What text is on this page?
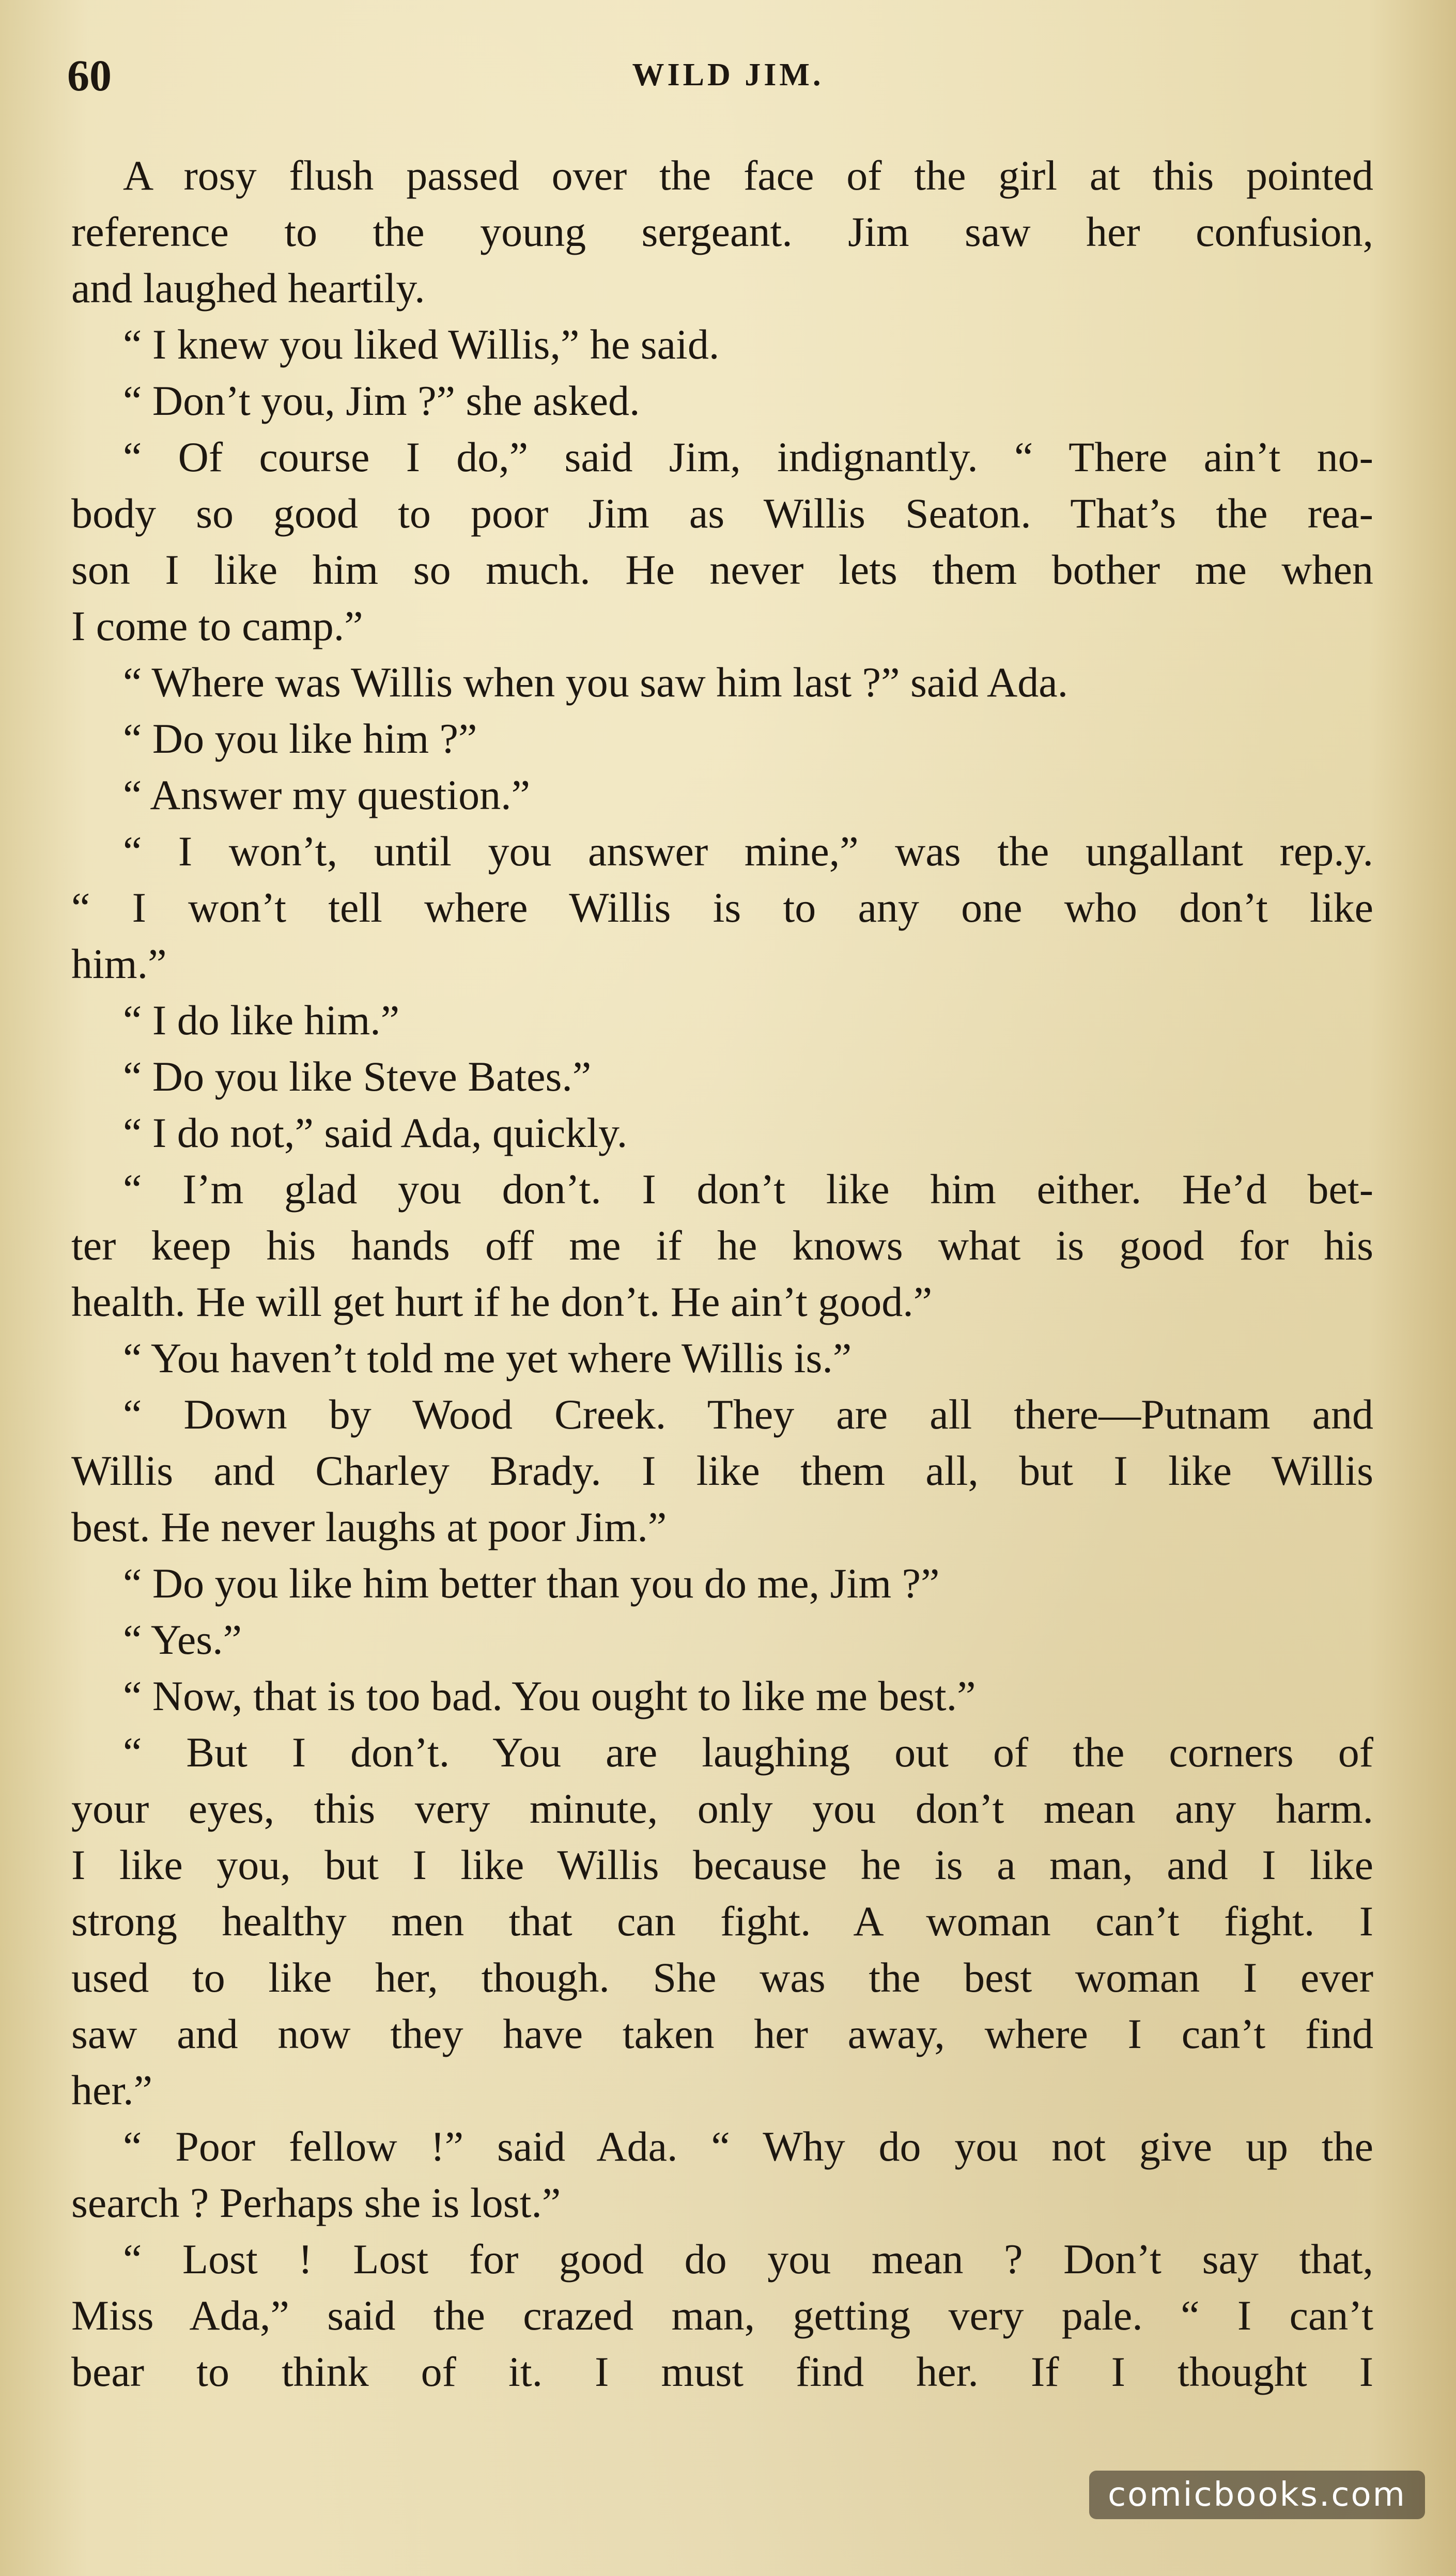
60	WILD JIM.
A rosy flush passed over the face of the girl at this pointed
reference to the young sergeant. Jim saw her confusion,
and laughed heartily.
“ I knew you liked Willis,” he said.
“ Don’t you, Jim ?” she asked.
“ Of course I do,” said Jim, indignantly. “ There ain’t no-
body so good to poor Jim as Willis Seaton. That’s the rea-
son I like him so much. He never lets them bother me when
I come to camp.”
“ Where was Willis when you saw him last ?” said Ada.
“ Do you like him ?”
“ Answer my question.”
“ I won’t, until you answer mine,” was the ungallant rep.y.
“ I won’t tell where Willis is to any one who don’t like
him.”
“ I do like him.”
“ Do you like Steve Bates.”
“ I do not,” said Ada, quickly.
“ I’m glad you don’t. I don’t like him either. He’d bet-
ter keep his hands off me if he knows what is good for his
health. He will get hurt if he don’t. He ain’t good.”
“ You haven’t told me yet where Willis is.”
“ Down by Wood Creek. They are all there—Putnam and
Willis and Charley Brady. I like them all, but I like Willis
best. He never laughs at poor Jim.”
“ Do you like him better than you do me, Jim ?”
“ Yes.”
“ Now, that is too bad. You ought to like me best.”
“ But I don’t. You are laughing out of the corners of
your eyes, this very minute, only you don’t mean any harm.
I like you, but I like Willis because he is a man, and I like
strong healthy men that can fight. A woman can’t fight. I
used to like her, though. She was the best woman I ever
saw and now they have taken her away, where I can’t find
her.”
“ Poor fellow !” said Ada. “ Why do you not give up the
search ? Perhaps she is lost.”
“ Lost ! Lost for good do you mean ? Don’t say that,
Miss Ada,” said the crazed man, getting very pale. “ I can’t
bear to think of it. I must find her. If I thought I
comicbooks.com
